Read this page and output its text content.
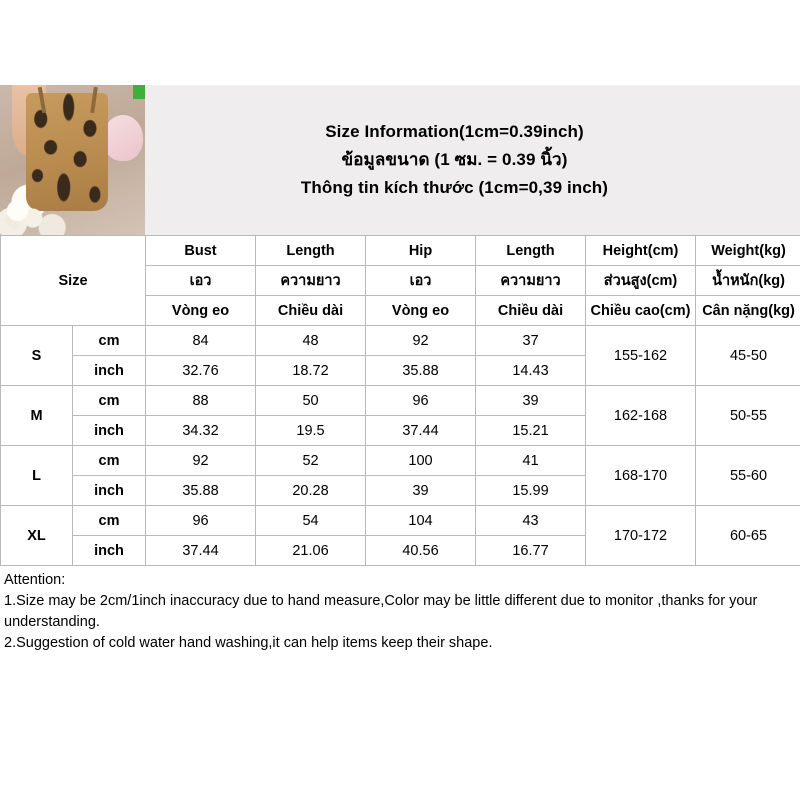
Size Information(1cm=0.39inch)
ข้อมูลขนาด (1 ซม. = 0.39 นิ้ว)
Thông tin kích thước (1cm=0,39 inch)
Size		Bust	Length	Hip	Length	Height(cm)	Weight(kg)
		เอว	ความยาว	เอว	ความยาว	ส่วนสูง(cm)	น้ำหนัก(kg)
		Vòng eo	Chiều dài	Vòng eo	Chiều dài	Chiều cao(cm)	Cân nặng(kg)
S	cm	84	48	92	37	155-162	45-50
	inch	32.76	18.72	35.88	14.43		
M	cm	88	50	96	39	162-168	50-55
	inch	34.32	19.5	37.44	15.21		
L	cm	92	52	100	41	168-170	55-60
	inch	35.88	20.28	39	15.99		
XL	cm	96	54	104	43	170-172	60-65
	inch	37.44	21.06	40.56	16.77		
Attention:
1.Size may be 2cm/1inch inaccuracy due to hand measure,Color may be little different due to monitor ,thanks for your understanding.
2.Suggestion of cold water hand washing,it can help items keep their shape.
